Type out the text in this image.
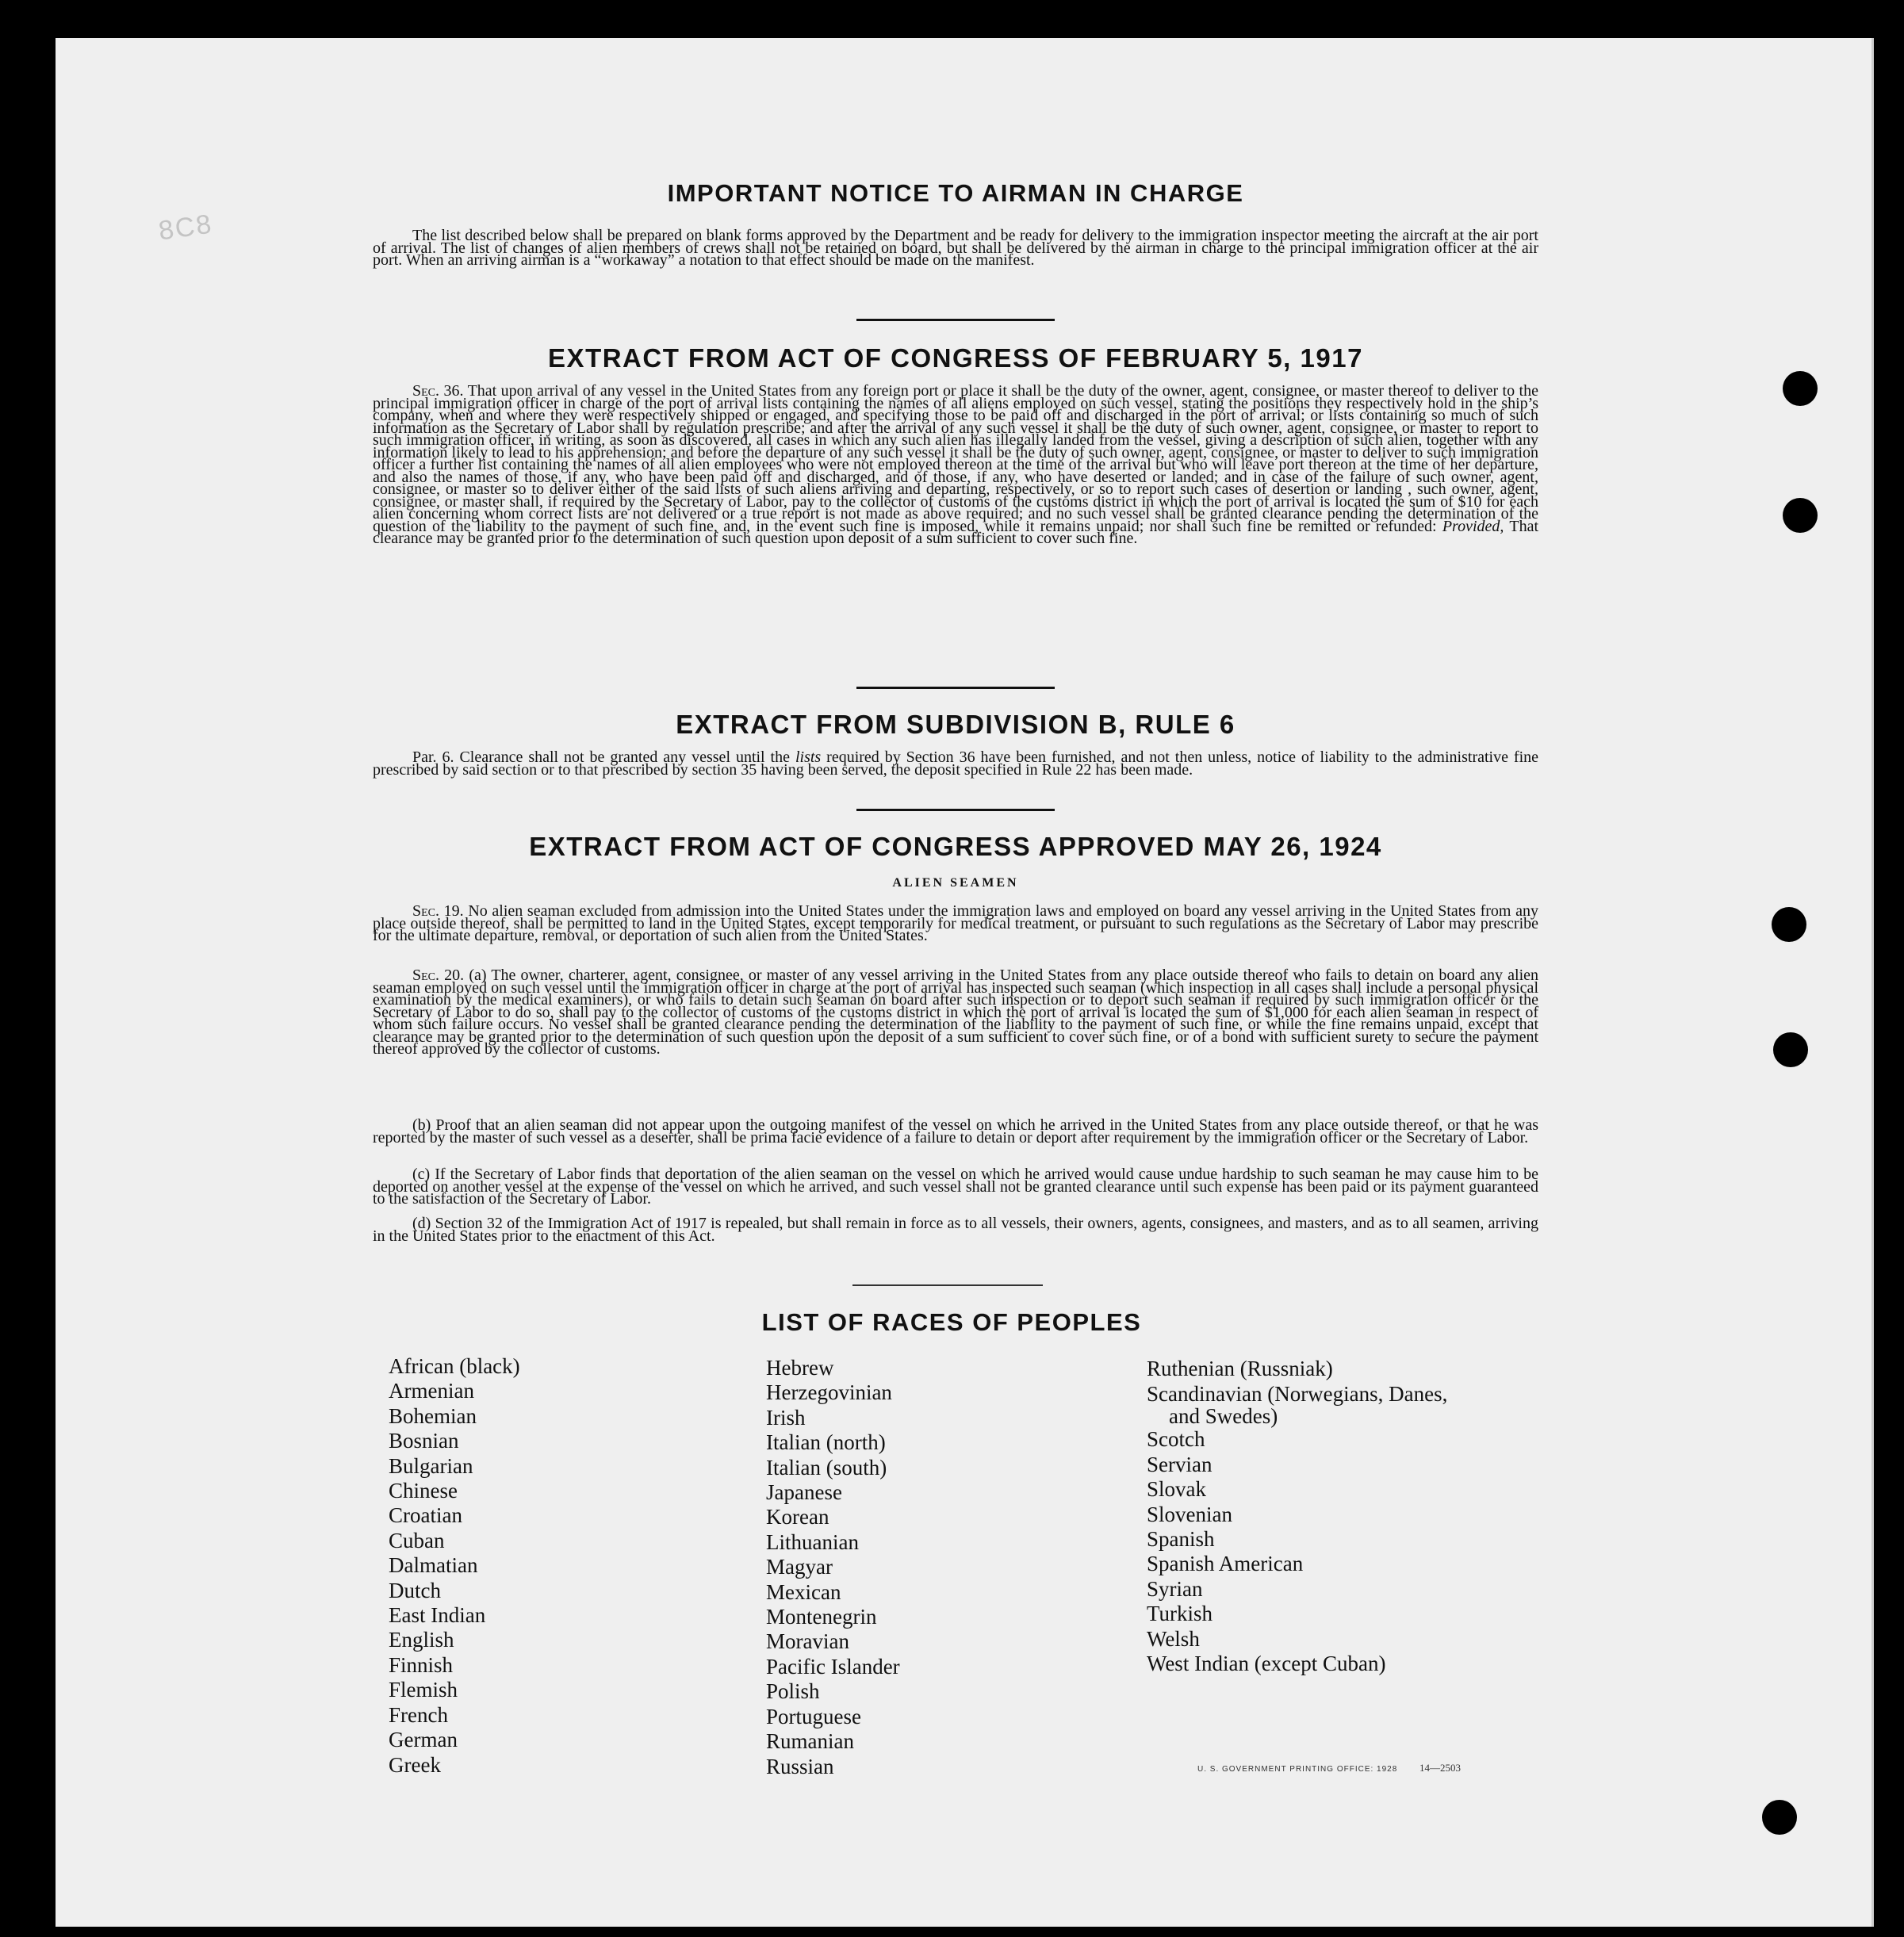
8C8
IMPORTANT NOTICE TO AIRMAN IN CHARGE

The list described below shall be prepared on blank forms approved by the Department and be ready for delivery to the immigration inspector meeting the aircraft at the air port of arrival. The list of changes of alien members of crews shall not be retained on board, but shall be delivered by the airman in charge to the principal immigration officer at the air port. When an arriving airman is a “workaway” a notation to that effect should be made on the manifest.

EXTRACT FROM ACT OF CONGRESS OF FEBRUARY 5, 1917

Sec. 36. That upon arrival of any vessel in the United States from any foreign port or place it shall be the duty of the owner, agent, consignee, or master thereof to deliver to the principal immigration officer in charge of the port of arrival lists containing the names of all aliens employed on such vessel, stating the positions they respectively hold in the ship’s company, when and where they were respectively shipped or engaged, and specifying those to be paid off and discharged in the port of arrival; or lists containing so much of such information as the Secretary of Labor shall by regulation prescribe; and after the arrival of any such vessel it shall be the duty of such owner, agent, consignee, or master to report to such immigration officer, in writing, as soon as discovered, all cases in which any such alien has illegally landed from the vessel, giving a description of such alien, together with any information likely to lead to his apprehension; and before the departure of any such vessel it shall be the duty of such owner, agent, consignee, or master to deliver to such immigration officer a further list containing the names of all alien employees who were not employed thereon at the time of the arrival but who will leave port thereon at the time of her departure, and also the names of those, if any, who have been paid off and discharged, and of those, if any, who have deserted or landed; and in case of the failure of such owner, agent, consignee, or master so to deliver either of the said lists of such aliens arriving and departing, respectively, or so to report such cases of desertion or landing , such owner, agent, consignee, or master shall, if required by the Secretary of Labor, pay to the collector of customs of the customs district in which the port of arrival is located the sum of $10 for each alien concerning whom correct lists are not delivered or a true report is not made as above required; and no such vessel shall be granted clearance pending the determination of the question of the liability to the payment of such fine, and, in the event such fine is imposed, while it remains unpaid; nor shall such fine be remitted or refunded: Provided, That clearance may be granted prior to the determination of such question upon deposit of a sum sufficient to cover such fine.

EXTRACT FROM SUBDIVISION B, RULE 6

Par. 6. Clearance shall not be granted any vessel until the lists required by Section 36 have been furnished, and not then unless, notice of liability to the administrative fine prescribed by said section or to that prescribed by section 35 having been served, the deposit specified in Rule 22 has been made.

EXTRACT FROM ACT OF CONGRESS APPROVED MAY 26, 1924
ALIEN SEAMEN

Sec. 19. No alien seaman excluded from admission into the United States under the immigration laws and employed on board any vessel arriving in the United States from any place outside thereof, shall be permitted to land in the United States, except temporarily for medical treatment, or pursuant to such regulations as the Secretary of Labor may prescribe for the ultimate departure, removal, or deportation of such alien from the United States.

Sec. 20. (a) The owner, charterer, agent, consignee, or master of any vessel arriving in the United States from any place outside thereof who fails to detain on board any alien seaman employed on such vessel until the immigration officer in charge at the port of arrival has inspected such seaman (which inspection in all cases shall include a personal physical examination by the medical examiners), or who fails to detain such seaman on board after such inspection or to deport such seaman if required by such immigration officer or the Secretary of Labor to do so, shall pay to the collector of customs of the customs district in which the port of arrival is located the sum of $1,000 for each alien seaman in respect of whom such failure occurs. No vessel shall be granted clearance pending the determination of the liability to the payment of such fine, or while the fine remains unpaid, except that clearance may be granted prior to the determination of such question upon the deposit of a sum sufficient to cover such fine, or of a bond with sufficient surety to secure the payment thereof approved by the collector of customs.

(b) Proof that an alien seaman did not appear upon the outgoing manifest of the vessel on which he arrived in the United States from any place outside thereof, or that he was reported by the master of such vessel as a deserter, shall be prima facie evidence of a failure to detain or deport after requirement by the immigration officer or the Secretary of Labor.

(c) If the Secretary of Labor finds that deportation of the alien seaman on the vessel on which he arrived would cause undue hardship to such seaman he may cause him to be deported on another vessel at the expense of the vessel on which he arrived, and such vessel shall not be granted clearance until such expense has been paid or its payment guaranteed to the satisfaction of the Secretary of Labor.

(d) Section 32 of the Immigration Act of 1917 is repealed, but shall remain in force as to all vessels, their owners, agents, consignees, and masters, and as to all seamen, arriving in the United States prior to the enactment of this Act.

LIST OF RACES OF PEOPLES
African (black)
Armenian
Bohemian
Bosnian
Bulgarian
Chinese
Croatian
Cuban
Dalmatian
Dutch
East Indian
English
Finnish
Flemish
French
German
Greek
Hebrew
Herzegovinian
Irish
Italian (north)
Italian (south)
Japanese
Korean
Lithuanian
Magyar
Mexican
Montenegrin
Moravian
Pacific Islander
Polish
Portuguese
Rumanian
Russian
Ruthenian (Russniak)
Scandinavian (Norwegians, Danes,
and Swedes)
Scotch
Servian
Slovak
Slovenian
Spanish
Spanish American
Syrian
Turkish
Welsh
West Indian (except Cuban)
U. S. GOVERNMENT PRINTING OFFICE: 1928 14—2503
